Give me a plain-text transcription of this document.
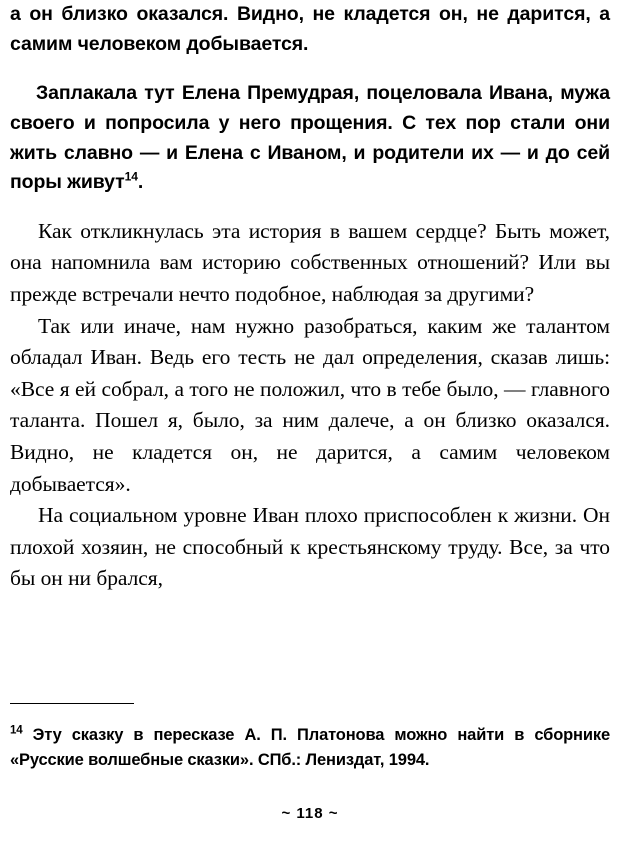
а он близко оказался. Видно, не кладется он, не дарится, а самим человеком добывается.

Заплакала тут Елена Премудрая, поцеловала Ивана, мужа своего и попросила у него прощения. С тех пор стали они жить славно — и Елена с Иваном, и родители их — и до сей поры живут$^{14}$.

Как откликнулась эта история в вашем сердце? Быть может, она напомнила вам историю собственных отношений? Или вы прежде встречали нечто подобное, наблюдая за другими?

Так или иначе, нам нужно разобраться, каким же талантом обладал Иван. Ведь его тесть не дал определения, сказав лишь: «Все я ей собрал, а того не положил, что в тебе было, — главного таланта. Пошел я, было, за ним далече, а он близко оказался. Видно, не кладется он, не дарится, а самим человеком добывается».

На социальном уровне Иван плохо приспособлен к жизни. Он плохой хозяин, не способный к крестьянскому труду. Все, за что бы он ни брался,

$^{14}$ Эту сказку в пересказе А. П. Платонова можно найти в сборнике «Русские волшебные сказки». СПб.: Лениздат, 1994.

~ 118 ~
